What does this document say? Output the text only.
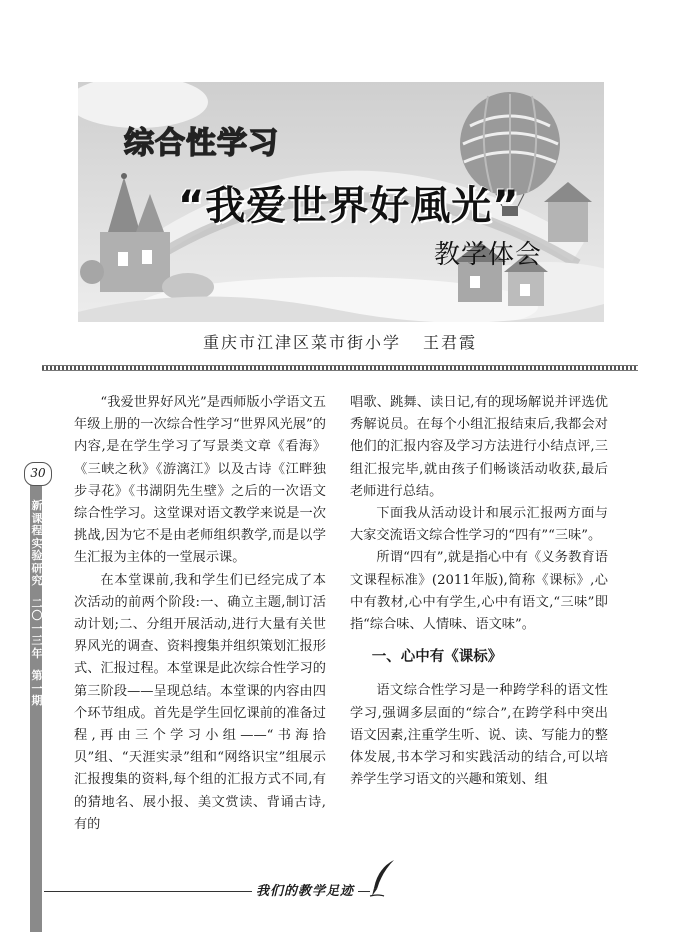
综合性学习
“我爱世界好風光”
教学体会
重庆市江津区菜市街小学 王君霞
30
新
课
程
实
验
研
究
二
〇
一
三
年
第
一
期

“我爱世界好风光”是西师版小学语文五年级上册的一次综合性学习“世界风光展”的内容,是在学生学习了写景类文章《看海》《三峡之秋》《游漓江》以及古诗《江畔独步寻花》《书湖阴先生壁》之后的一次语文综合性学习。这堂课对语文教学来说是一次挑战,因为它不是由老师组织教学,而是以学生汇报为主体的一堂展示课。

在本堂课前,我和学生们已经完成了本次活动的前两个阶段:一、确立主题,制订活动计划;二、分组开展活动,进行大量有关世界风光的调查、资料搜集并组织策划汇报形式、汇报过程。本堂课是此次综合性学习的第三阶段——呈现总结。本堂课的内容由四个环节组成。首先是学生回忆课前的准备过程,再由三个学习小组——“书海拾贝”组、“天涯实录”组和“网络识宝”组展示汇报搜集的资料,每个组的汇报方式不同,有的猜地名、展小报、美文赏读、背诵古诗,有的

唱歌、跳舞、读日记,有的现场解说并评选优秀解说员。在每个小组汇报结束后,我都会对他们的汇报内容及学习方法进行小结点评,三组汇报完毕,就由孩子们畅谈活动收获,最后老师进行总结。

下面我从活动设计和展示汇报两方面与大家交流语文综合性学习的“四有”“三味”。

所谓“四有”,就是指心中有《义务教育语文课程标准》(2011年版),简称《课标》,心中有教材,心中有学生,心中有语文,“三味”即指“综合味、人情味、语文味”。

一、心中有《课标》

语文综合性学习是一种跨学科的语文性学习,强调多层面的“综合”,在跨学科中突出语文因素,注重学生听、说、读、写能力的整体发展,书本学习和实践活动的结合,可以培养学生学习语文的兴趣和策划、组

我们的教学足迹
